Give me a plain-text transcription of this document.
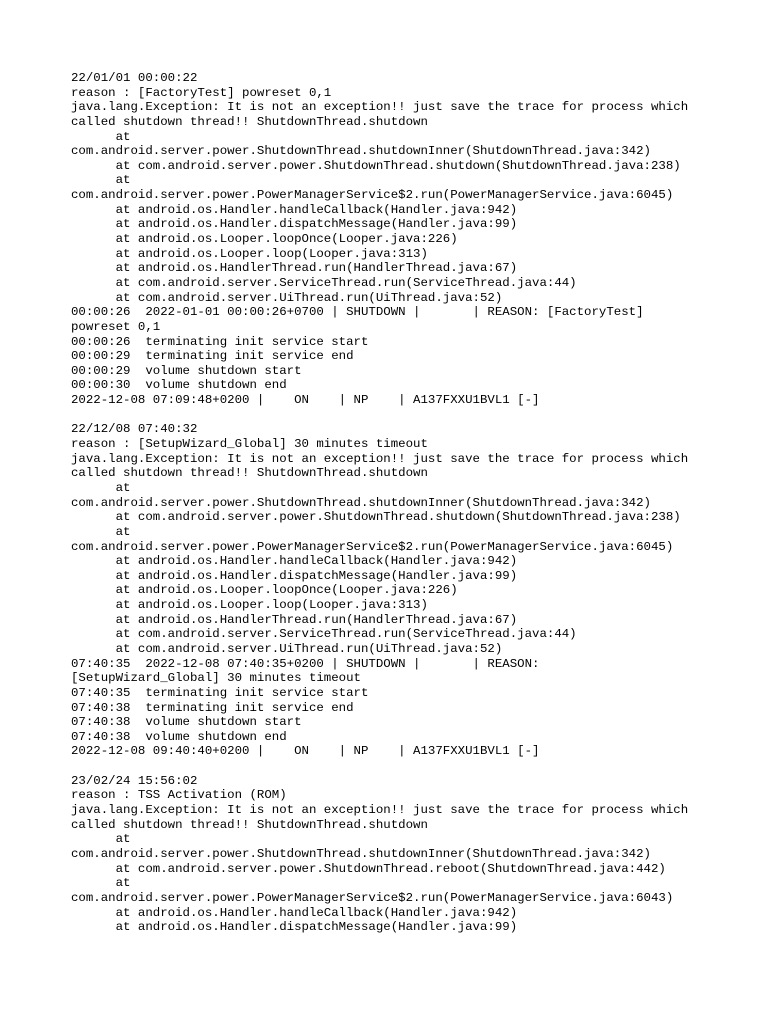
22/01/01 00:00:22
reason : [FactoryTest] powreset 0,1
java.lang.Exception: It is not an exception!! just save the trace for process which
called shutdown thread!! ShutdownThread.shutdown
at
com.android.server.power.ShutdownThread.shutdownInner(ShutdownThread.java:342)
at com.android.server.power.ShutdownThread.shutdown(ShutdownThread.java:238)
at
com.android.server.power.PowerManagerService$2.run(PowerManagerService.java:6045)
at android.os.Handler.handleCallback(Handler.java:942)
at android.os.Handler.dispatchMessage(Handler.java:99)
at android.os.Looper.loopOnce(Looper.java:226)
at android.os.Looper.loop(Looper.java:313)
at android.os.HandlerThread.run(HandlerThread.java:67)
at com.android.server.ServiceThread.run(ServiceThread.java:44)
at com.android.server.UiThread.run(UiThread.java:52)
00:00:26  2022-01-01 00:00:26+0700 | SHUTDOWN |       | REASON: [FactoryTest]
powreset 0,1
00:00:26  terminating init service start
00:00:29  terminating init service end
00:00:29  volume shutdown start
00:00:30  volume shutdown end
2022-12-08 07:09:48+0200 |    ON    | NP    | A137FXXU1BVL1 [-]
22/12/08 07:40:32
reason : [SetupWizard_Global] 30 minutes timeout
java.lang.Exception: It is not an exception!! just save the trace for process which
called shutdown thread!! ShutdownThread.shutdown
at
com.android.server.power.ShutdownThread.shutdownInner(ShutdownThread.java:342)
at com.android.server.power.ShutdownThread.shutdown(ShutdownThread.java:238)
at
com.android.server.power.PowerManagerService$2.run(PowerManagerService.java:6045)
at android.os.Handler.handleCallback(Handler.java:942)
at android.os.Handler.dispatchMessage(Handler.java:99)
at android.os.Looper.loopOnce(Looper.java:226)
at android.os.Looper.loop(Looper.java:313)
at android.os.HandlerThread.run(HandlerThread.java:67)
at com.android.server.ServiceThread.run(ServiceThread.java:44)
at com.android.server.UiThread.run(UiThread.java:52)
07:40:35  2022-12-08 07:40:35+0200 | SHUTDOWN |       | REASON:
[SetupWizard_Global] 30 minutes timeout
07:40:35  terminating init service start
07:40:38  terminating init service end
07:40:38  volume shutdown start
07:40:38  volume shutdown end
2022-12-08 09:40:40+0200 |    ON    | NP    | A137FXXU1BVL1 [-]
23/02/24 15:56:02
reason : TSS Activation (ROM)
java.lang.Exception: It is not an exception!! just save the trace for process which
called shutdown thread!! ShutdownThread.shutdown
at
com.android.server.power.ShutdownThread.shutdownInner(ShutdownThread.java:342)
at com.android.server.power.ShutdownThread.reboot(ShutdownThread.java:442)
at
com.android.server.power.PowerManagerService$2.run(PowerManagerService.java:6043)
at android.os.Handler.handleCallback(Handler.java:942)
at android.os.Handler.dispatchMessage(Handler.java:99)
